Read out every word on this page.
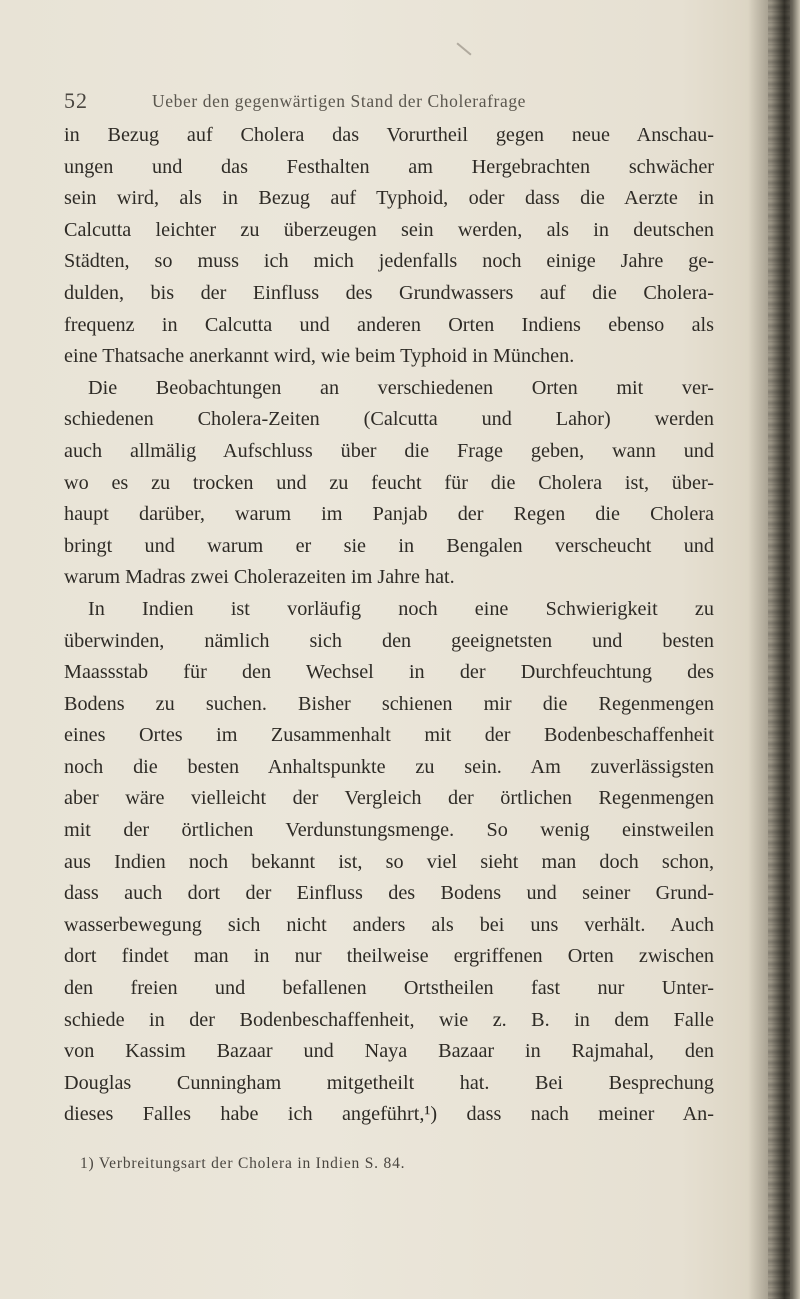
52	Ueber den gegenwärtigen Stand der Cholerafrage
in Bezug auf Cholera das Vorurtheil gegen neue Anschau-
ungen und das Festhalten am Hergebrachten schwächer
sein wird, als in Bezug auf Typhoid, oder dass die Aerzte in
Calcutta leichter zu überzeugen sein werden, als in deutschen
Städten, so muss ich mich jedenfalls noch einige Jahre ge-
dulden, bis der Einfluss des Grundwassers auf die Cholera-
frequenz in Calcutta und anderen Orten Indiens ebenso als
eine Thatsache anerkannt wird, wie beim Typhoid in München.
Die Beobachtungen an verschiedenen Orten mit ver-
schiedenen Cholera-Zeiten (Calcutta und Lahor) werden
auch allmälig Aufschluss über die Frage geben, wann und
wo es zu trocken und zu feucht für die Cholera ist, über-
haupt darüber, warum im Panjab der Regen die Cholera
bringt und warum er sie in Bengalen verscheucht und
warum Madras zwei Cholerazeiten im Jahre hat.
In Indien ist vorläufig noch eine Schwierigkeit zu
überwinden, nämlich sich den geeignetsten und besten
Maassstab für den Wechsel in der Durchfeuchtung des
Bodens zu suchen. Bisher schienen mir die Regenmengen
eines Ortes im Zusammenhalt mit der Bodenbeschaffenheit
noch die besten Anhaltspunkte zu sein. Am zuverlässigsten
aber wäre vielleicht der Vergleich der örtlichen Regenmengen
mit der örtlichen Verdunstungsmenge. So wenig einstweilen
aus Indien noch bekannt ist, so viel sieht man doch schon,
dass auch dort der Einfluss des Bodens und seiner Grund-
wasserbewegung sich nicht anders als bei uns verhält. Auch
dort findet man in nur theilweise ergriffenen Orten zwischen
den freien und befallenen Ortstheilen fast nur Unter-
schiede in der Bodenbeschaffenheit, wie z. B. in dem Falle
von Kassim Bazaar und Naya Bazaar in Rajmahal, den
Douglas Cunningham mitgetheilt hat. Bei Besprechung
dieses Falles habe ich angeführt,¹) dass nach meiner An-
1) Verbreitungsart der Cholera in Indien S. 84.
